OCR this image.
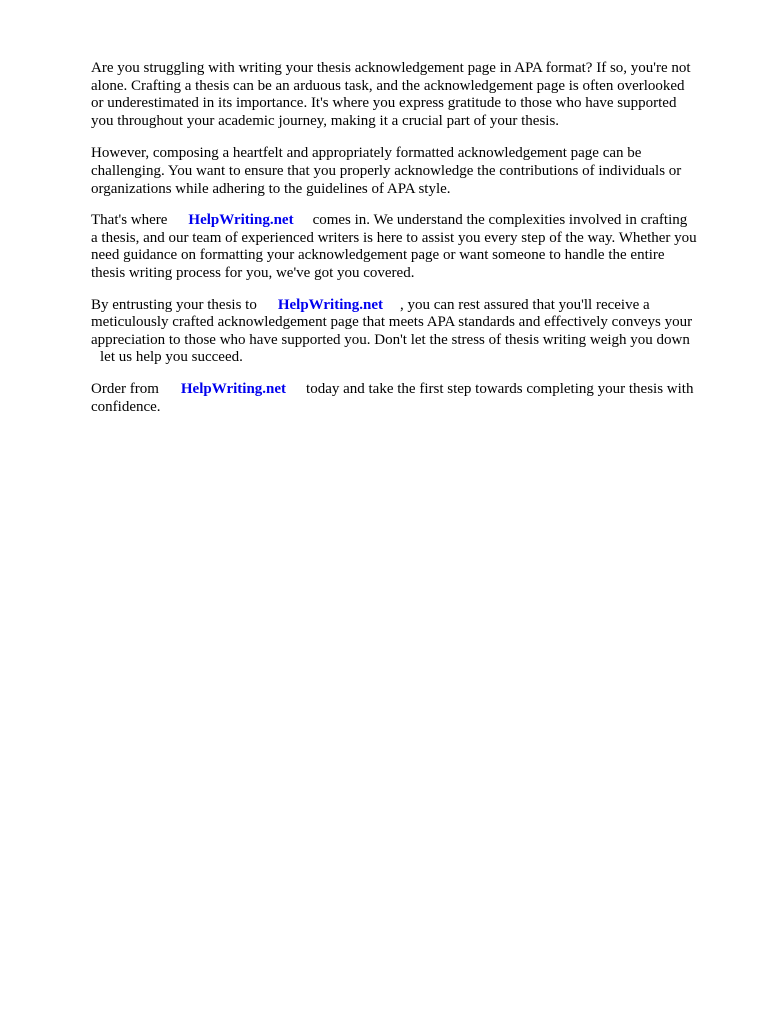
Are you struggling with writing your thesis acknowledgement page in APA format? If so, you're not
alone. Crafting a thesis can be an arduous task, and the acknowledgement page is often overlooked
or underestimated in its importance. It's where you express gratitude to those who have supported
you throughout your academic journey, making it a crucial part of your thesis.
However, composing a heartfelt and appropriately formatted acknowledgement page can be
challenging. You want to ensure that you properly acknowledge the contributions of individuals or
organizations while adhering to the guidelines of APA style.
That's where HelpWriting.net comes in. We understand the complexities involved in crafting
a thesis, and our team of experienced writers is here to assist you every step of the way. Whether you
need guidance on formatting your acknowledgement page or want someone to handle the entire
thesis writing process for you, we've got you covered.
By entrusting your thesis to HelpWriting.net , you can rest assured that you'll receive a
meticulously crafted acknowledgement page that meets APA standards and effectively conveys your
appreciation to those who have supported you. Don't let the stress of thesis writing weigh you down
let us help you succeed.
Order from HelpWriting.net today and take the first step towards completing your thesis with
confidence.
